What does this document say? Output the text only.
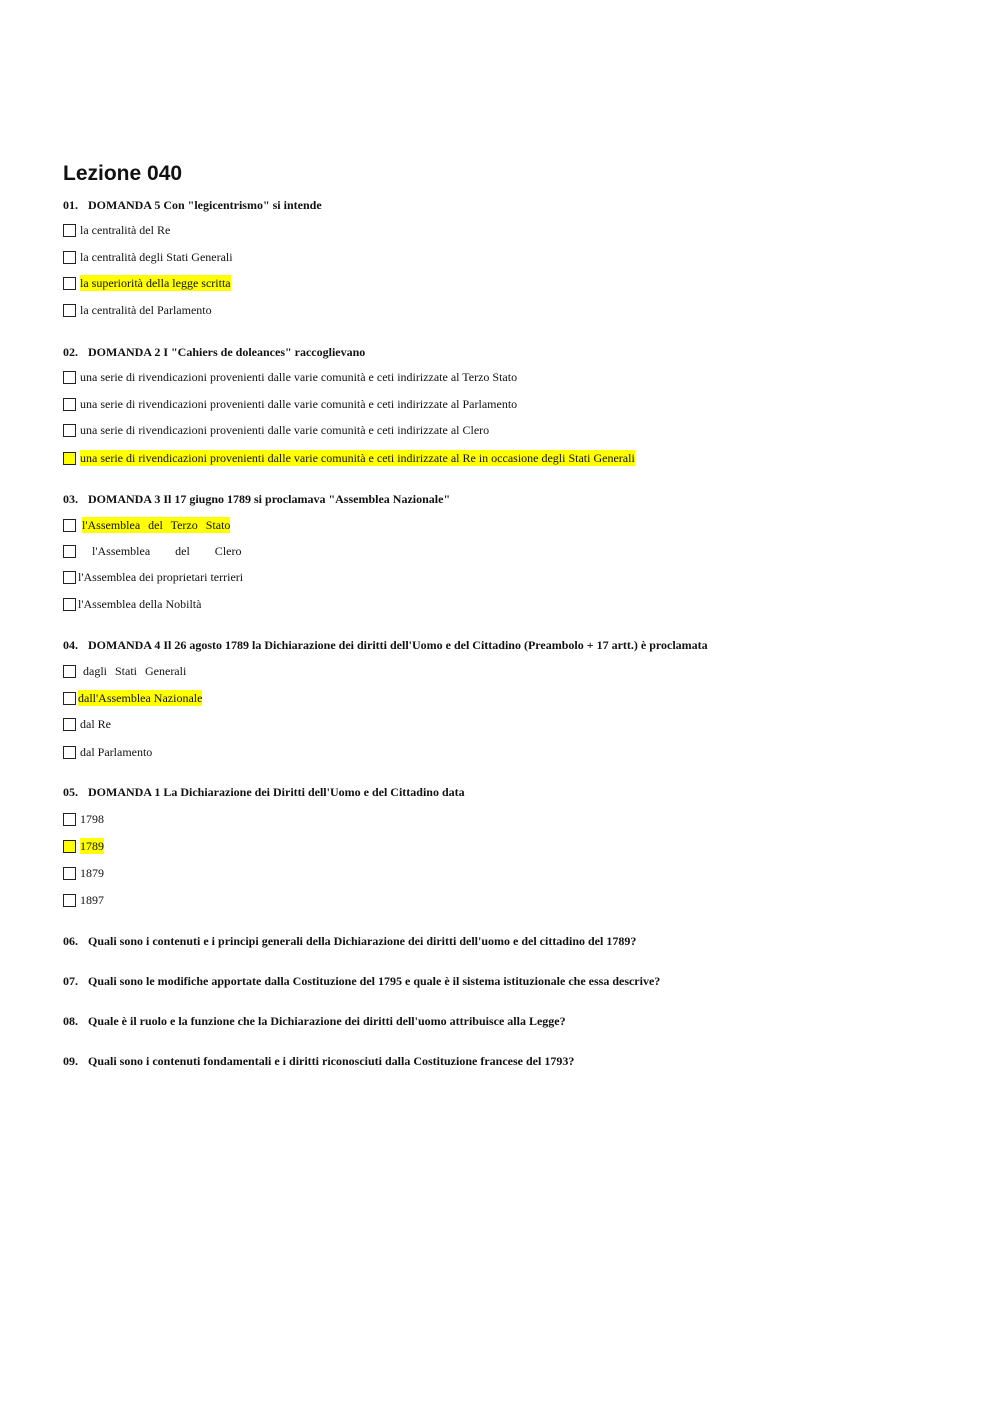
Lezione 040
01. DOMANDA 5 Con "legicentrismo" si intende
la centralità del Re
la centralità degli Stati Generali
la superiorità della legge scritta
la centralità del Parlamento
02. DOMANDA 2 I "Cahiers de doleances" raccoglievano
una serie di rivendicazioni provenienti dalle varie comunità e ceti indirizzate al Terzo Stato
una serie di rivendicazioni provenienti dalle varie comunità e ceti indirizzate al Parlamento
una serie di rivendicazioni provenienti dalle varie comunità e ceti indirizzate al Clero
una serie di rivendicazioni provenienti dalle varie comunità e ceti indirizzate al Re in occasione degli Stati Generali
03. DOMANDA 3 Il 17 giugno 1789 si proclamava "Assemblea Nazionale"
l'Assemblea del Terzo Stato
l'Assemblea del Clero
l'Assemblea dei proprietari terrieri
l'Assemblea della Nobiltà
04. DOMANDA 4 Il 26 agosto 1789 la Dichiarazione dei diritti dell'Uomo e del Cittadino (Preambolo + 17 artt.) è proclamata
dagli Stati Generali
dall'Assemblea Nazionale
dal Re
dal Parlamento
05. DOMANDA 1 La Dichiarazione dei Diritti dell'Uomo e del Cittadino data
1798
1789
1879
1897
06. Quali sono i contenuti e i principi generali della Dichiarazione dei diritti dell'uomo e del cittadino del 1789?
07. Quali sono le modifiche apportate dalla Costituzione del 1795 e quale è il sistema istituzionale che essa descrive?
08. Quale è il ruolo e la funzione che la Dichiarazione dei diritti dell'uomo attribuisce alla Legge?
09. Quali sono i contenuti fondamentali e i diritti riconosciuti dalla Costituzione francese del 1793?
